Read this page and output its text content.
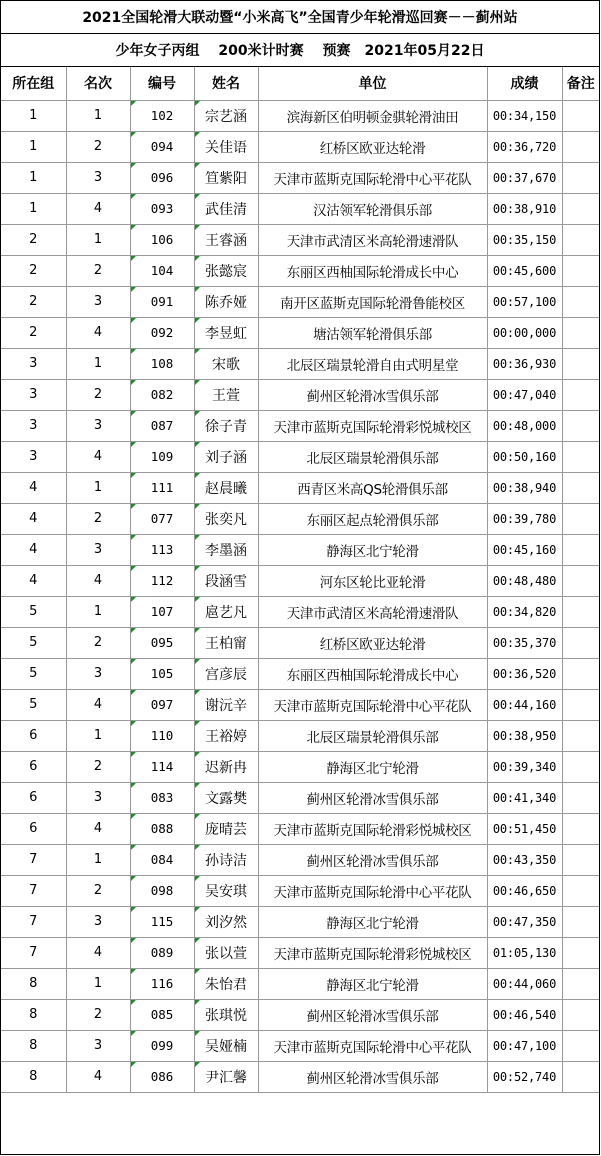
2021全国轮滑大联动暨“小米高飞”全国青少年轮滑巡回赛－－蓟州站
少年女子丙组　 200米计时赛　 预赛　2021年05月22日
所在组	名次	编号	姓名	单位	成绩	备注
1	1	102	宗艺涵	滨海新区伯明顿金骐轮滑油田	00:34,150	
1	2	094	关佳语	红桥区欧亚达轮滑	00:36,720	
1	3	096	笪紫阳	天津市蓝斯克国际轮滑中心平花队	00:37,670	
1	4	093	武佳清	汉沽领军轮滑俱乐部	00:38,910	
2	1	106	王睿涵	天津市武清区米高轮滑速滑队	00:35,150	
2	2	104	张懿宸	东丽区西柚国际轮滑成长中心	00:45,600	
2	3	091	陈乔娅	南开区蓝斯克国际轮滑鲁能校区	00:57,100	
2	4	092	李昱虹	塘沽领军轮滑俱乐部	00:00,000	
3	1	108	宋歌	北辰区瑞景轮滑自由式明星堂	00:36,930	
3	2	082	王萱	蓟州区轮滑冰雪俱乐部	00:47,040	
3	3	087	徐子青	天津市蓝斯克国际轮滑彩悦城校区	00:48,000	
3	4	109	刘子涵	北辰区瑞景轮滑俱乐部	00:50,160	
4	1	111	赵晨曦	西青区米高QS轮滑俱乐部	00:38,940	
4	2	077	张奕凡	东丽区起点轮滑俱乐部	00:39,780	
4	3	113	李墨涵	静海区北宁轮滑	00:45,160	
4	4	112	段涵雪	河东区轮比亚轮滑	00:48,480	
5	1	107	扈艺凡	天津市武清区米高轮滑速滑队	00:34,820	
5	2	095	王柏甯	红桥区欧亚达轮滑	00:35,370	
5	3	105	宫彦辰	东丽区西柚国际轮滑成长中心	00:36,520	
5	4	097	谢沅辛	天津市蓝斯克国际轮滑中心平花队	00:44,160	
6	1	110	王裕婷	北辰区瑞景轮滑俱乐部	00:38,950	
6	2	114	迟新冉	静海区北宁轮滑	00:39,340	
6	3	083	文露樊	蓟州区轮滑冰雪俱乐部	00:41,340	
6	4	088	庞晴芸	天津市蓝斯克国际轮滑彩悦城校区	00:51,450	
7	1	084	孙诗洁	蓟州区轮滑冰雪俱乐部	00:43,350	
7	2	098	吴安琪	天津市蓝斯克国际轮滑中心平花队	00:46,650	
7	3	115	刘汐然	静海区北宁轮滑	00:47,350	
7	4	089	张以萱	天津市蓝斯克国际轮滑彩悦城校区	01:05,130	
8	1	116	朱怡君	静海区北宁轮滑	00:44,060	
8	2	085	张琪悦	蓟州区轮滑冰雪俱乐部	00:46,540	
8	3	099	吴娅楠	天津市蓝斯克国际轮滑中心平花队	00:47,100	
8	4	086	尹汇馨	蓟州区轮滑冰雪俱乐部	00:52,740	
